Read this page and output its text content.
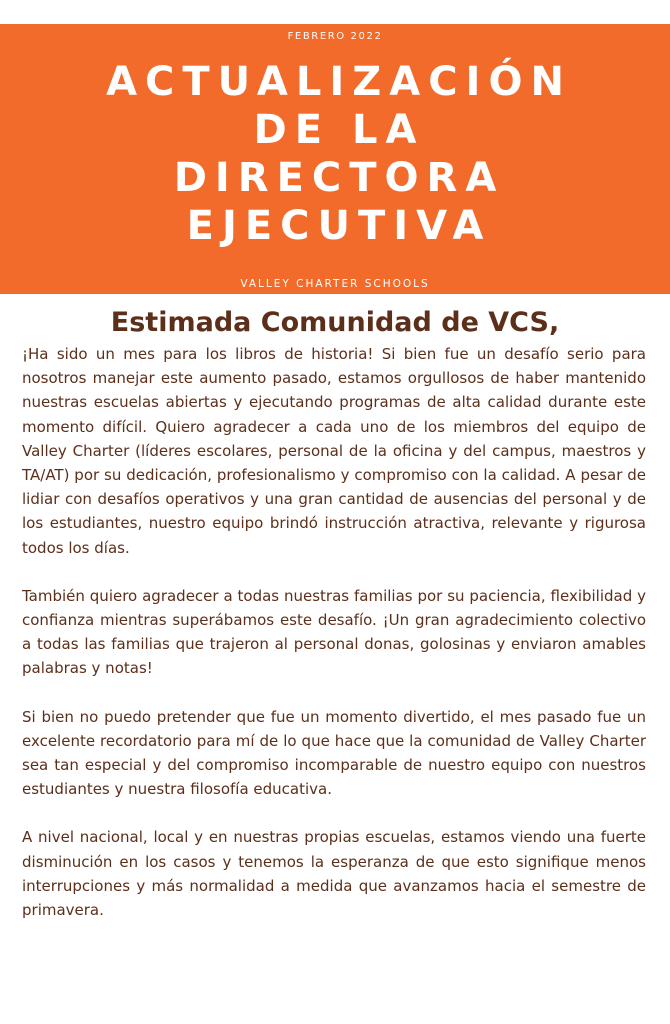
FEBRERO 2022
ACTUALIZACIÓN
DE LA
DIRECTORA
EJECUTIVA
VALLEY CHARTER SCHOOLS
Estimada Comunidad de VCS,

¡Ha sido un mes para los libros de historia! Si bien fue un desafío serio para nosotros manejar este aumento pasado, estamos orgullosos de haber mantenido nuestras escuelas abiertas y ejecutando programas de alta calidad durante este momento difícil. Quiero agradecer a cada uno de los miembros del equipo de Valley Charter (líderes escolares, personal de la oficina y del campus, maestros y TA/AT) por su dedicación, profesionalismo y compromiso con la calidad. A pesar de lidiar con desafíos operativos y una gran cantidad de ausencias del personal y de los estudiantes, nuestro equipo brindó instrucción atractiva, relevante y rigurosa todos los días.

También quiero agradecer a todas nuestras familias por su paciencia, flexibilidad y confianza mientras superábamos este desafío. ¡Un gran agradecimiento colectivo a todas las familias que trajeron al personal donas, golosinas y enviaron amables palabras y notas!

Si bien no puedo pretender que fue un momento divertido, el mes pasado fue un excelente recordatorio para mí de lo que hace que la comunidad de Valley Charter sea tan especial y del compromiso incomparable de nuestro equipo con nuestros estudiantes y nuestra filosofía educativa.

A nivel nacional, local y en nuestras propias escuelas, estamos viendo una fuerte disminución en los casos y tenemos la esperanza de que esto signifique menos interrupciones y más normalidad a medida que avanzamos hacia el semestre de primavera.
